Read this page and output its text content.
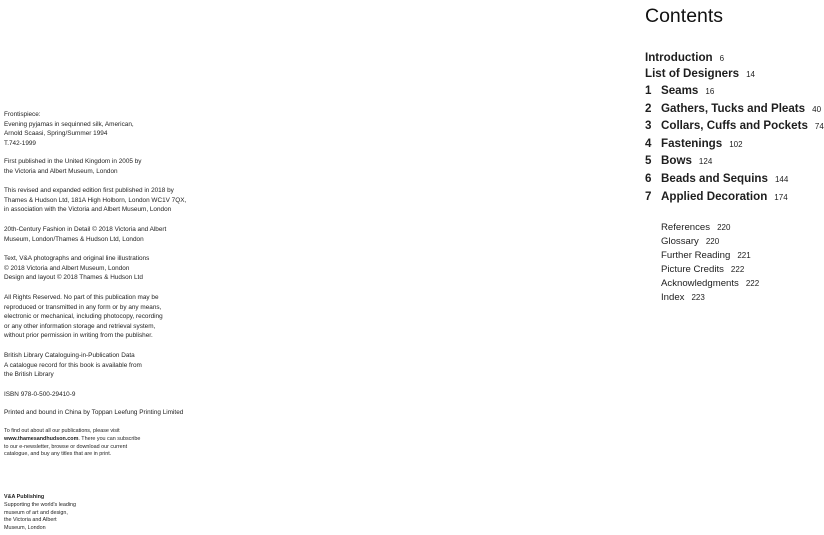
Frontispiece:
Evening pyjamas in sequinned silk, American,
Arnold Scaasi, Spring/Summer 1994
T.742-1999
First published in the United Kingdom in 2005 by
the Victoria and Albert Museum, London
This revised and expanded edition first published in 2018 by
Thames & Hudson Ltd, 181A High Holborn, London WC1V 7QX,
in association with the Victoria and Albert Museum, London
20th-Century Fashion in Detail © 2018 Victoria and Albert
Museum, London/Thames & Hudson Ltd, London
Text, V&A photographs and original line illustrations
© 2018 Victoria and Albert Museum, London
Design and layout © 2018 Thames & Hudson Ltd
All Rights Reserved. No part of this publication may be
reproduced or transmitted in any form or by any means,
electronic or mechanical, including photocopy, recording
or any other information storage and retrieval system,
without prior permission in writing from the publisher.
British Library Cataloguing-in-Publication Data
A catalogue record for this book is available from
the British Library
ISBN 978-0-500-29410-9
Printed and bound in China by Toppan Leefung Printing Limited
To find out about all our publications, please visit
www.thamesandhudson.com. There you can subscribe
to our e-newsletter, browse or download our current
catalogue, and buy any titles that are in print.
V&A Publishing
Supporting the world's leading
museum of art and design,
the Victoria and Albert
Museum, London
Contents
Introduction 6
List of Designers 14
1 Seams 16
2 Gathers, Tucks and Pleats 40
3 Collars, Cuffs and Pockets 74
4 Fastenings 102
5 Bows 124
6 Beads and Sequins 144
7 Applied Decoration 174
References 220
Glossary 220
Further Reading 221
Picture Credits 222
Acknowledgments 222
Index 223
